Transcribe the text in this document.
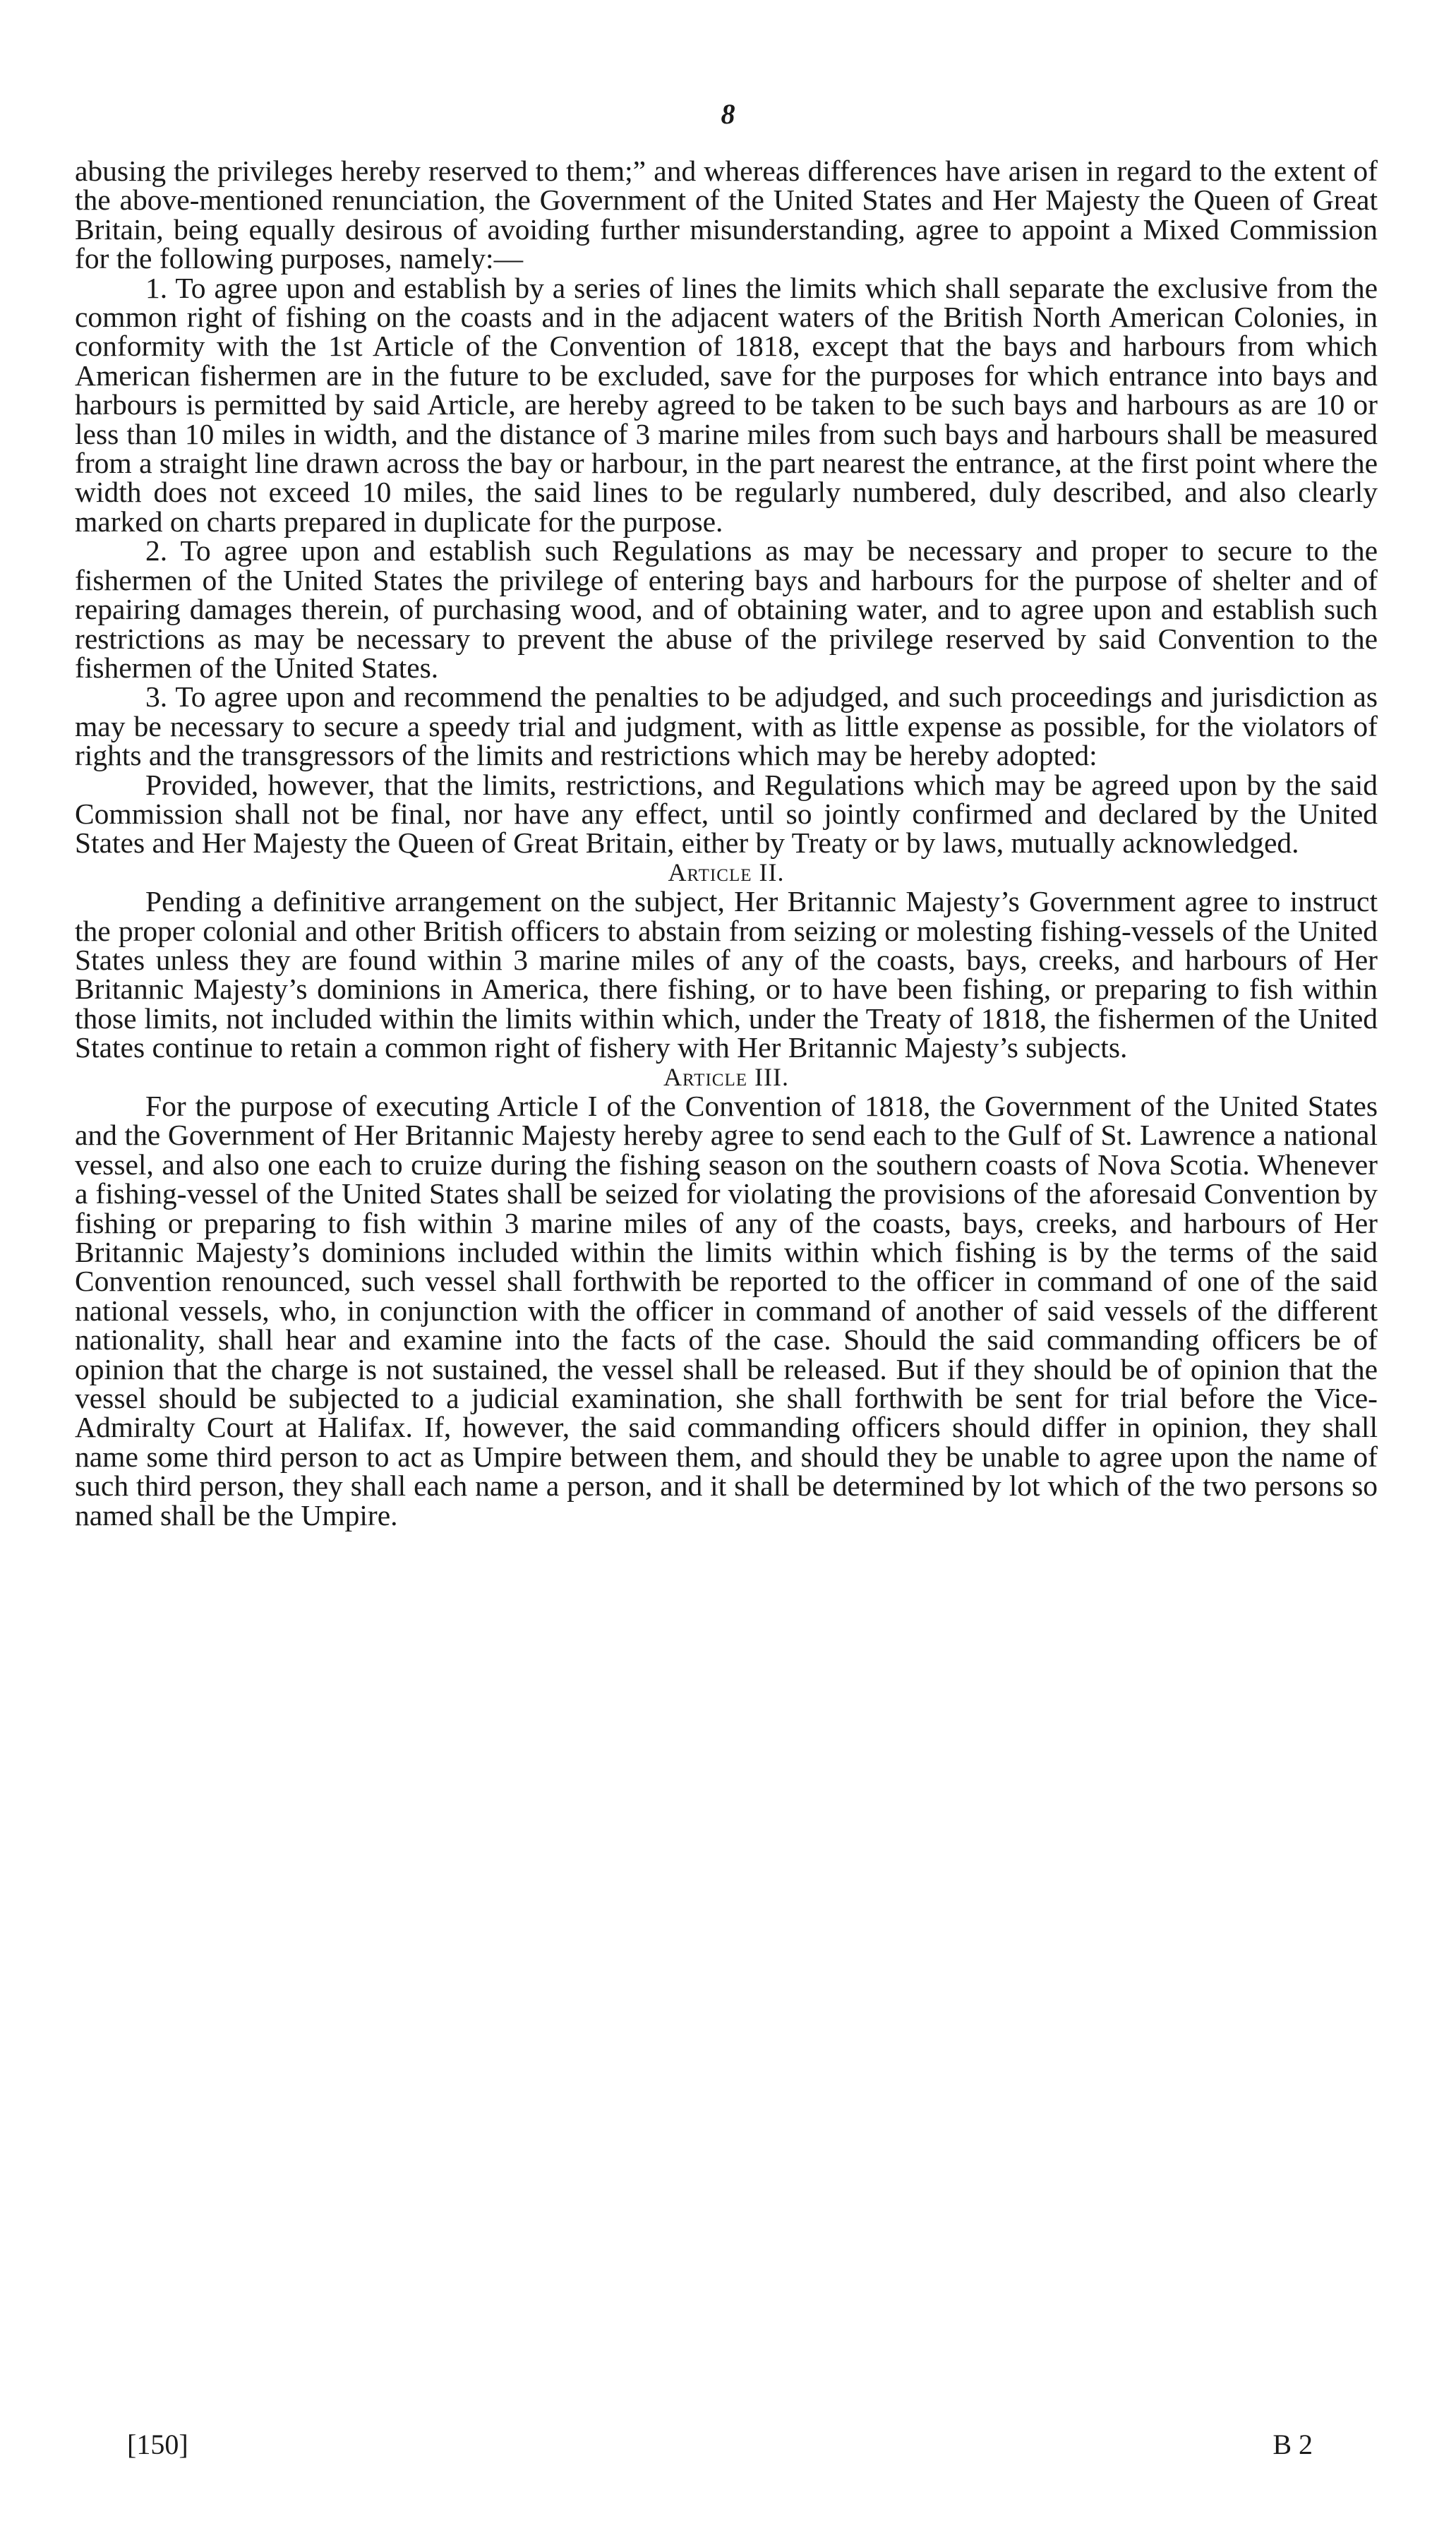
8

abusing the privileges hereby reserved to them;” and whereas differences have arisen in regard to the extent of the above-mentioned renunciation, the Government of the United States and Her Majesty the Queen of Great Britain, being equally desirous of avoiding further misunderstanding, agree to appoint a Mixed Commission for the following purposes, namely:—

1. To agree upon and establish by a series of lines the limits which shall separate the exclusive from the common right of fishing on the coasts and in the adjacent waters of the British North American Colonies, in conformity with the 1st Article of the Convention of 1818, except that the bays and harbours from which American fishermen are in the future to be excluded, save for the purposes for which entrance into bays and harbours is permitted by said Article, are hereby agreed to be taken to be such bays and harbours as are 10 or less than 10 miles in width, and the distance of 3 marine miles from such bays and harbours shall be measured from a straight line drawn across the bay or harbour, in the part nearest the entrance, at the first point where the width does not exceed 10 miles, the said lines to be regularly numbered, duly described, and also clearly marked on charts prepared in duplicate for the purpose.

2. To agree upon and establish such Regulations as may be necessary and proper to secure to the fishermen of the United States the privilege of entering bays and harbours for the purpose of shelter and of repairing damages therein, of purchasing wood, and of obtaining water, and to agree upon and establish such restrictions as may be necessary to prevent the abuse of the privilege reserved by said Convention to the fishermen of the United States.

3. To agree upon and recommend the penalties to be adjudged, and such proceedings and jurisdiction as may be necessary to secure a speedy trial and judgment, with as little expense as possible, for the violators of rights and the transgressors of the limits and restrictions which may be hereby adopted:

Provided, however, that the limits, restrictions, and Regulations which may be agreed upon by the said Commission shall not be final, nor have any effect, until so jointly confirmed and declared by the United States and Her Majesty the Queen of Great Britain, either by Treaty or by laws, mutually acknowledged.

Article II.

Pending a definitive arrangement on the subject, Her Britannic Majesty’s Government agree to instruct the proper colonial and other British officers to abstain from seizing or molesting fishing-vessels of the United States unless they are found within 3 marine miles of any of the coasts, bays, creeks, and harbours of Her Britannic Majesty’s dominions in America, there fishing, or to have been fishing, or preparing to fish within those limits, not included within the limits within which, under the Treaty of 1818, the fishermen of the United States continue to retain a common right of fishery with Her Britannic Majesty’s subjects.

Article III.

For the purpose of executing Article I of the Convention of 1818, the Government of the United States and the Government of Her Britannic Majesty hereby agree to send each to the Gulf of St. Lawrence a national vessel, and also one each to cruize during the fishing season on the southern coasts of Nova Scotia. Whenever a fishing-vessel of the United States shall be seized for violating the provisions of the aforesaid Convention by fishing or preparing to fish within 3 marine miles of any of the coasts, bays, creeks, and harbours of Her Britannic Majesty’s dominions included within the limits within which fishing is by the terms of the said Convention renounced, such vessel shall forthwith be reported to the officer in command of one of the said national vessels, who, in conjunction with the officer in command of another of said vessels of the different nationality, shall hear and examine into the facts of the case. Should the said commanding officers be of opinion that the charge is not sustained, the vessel shall be released. But if they should be of opinion that the vessel should be subjected to a judicial examination, she shall forthwith be sent for trial before the Vice-Admiralty Court at Halifax. If, however, the said commanding officers should differ in opinion, they shall name some third person to act as Umpire between them, and should they be unable to agree upon the name of such third person, they shall each name a person, and it shall be determined by lot which of the two persons so named shall be the Umpire.

[150]	B 2
